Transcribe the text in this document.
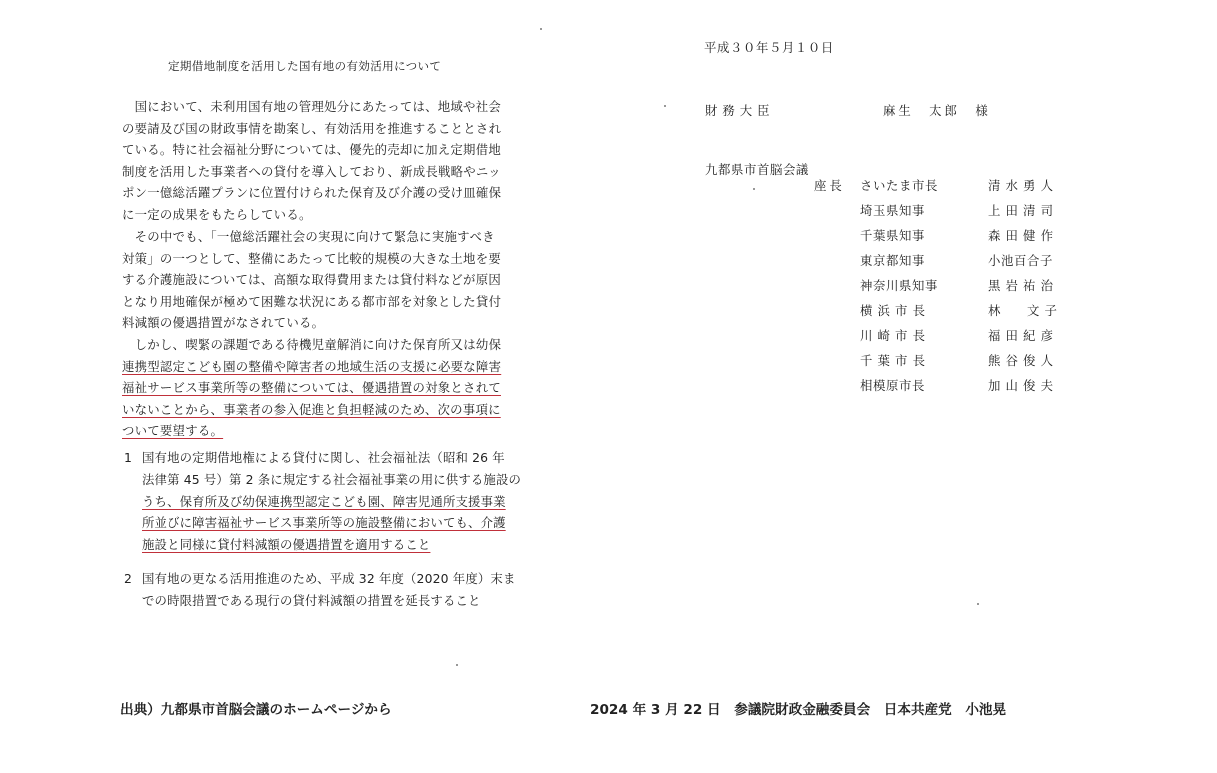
定期借地制度を活用した国有地の有効活用について
　国において、未利用国有地の管理処分にあたっては、地域や社会
の要請及び国の財政事情を勘案し、有効活用を推進することとされ
ている。特に社会福祉分野については、優先的売却に加え定期借地
制度を活用した事業者への貸付を導入しており、新成長戦略やニッ
ポン一億総活躍プランに位置付けられた保育及び介護の受け皿確保
に一定の成果をもたらしている。
　その中でも、「一億総活躍社会の実現に向けて緊急に実施すべき
対策」の一つとして、整備にあたって比較的規模の大きな土地を要
する介護施設については、高額な取得費用または貸付料などが原因
となり用地確保が極めて困難な状況にある都市部を対象とした貸付
料減額の優遇措置がなされている。
　しかし、喫緊の課題である待機児童解消に向けた保育所又は幼保
連携型認定こども園の整備や障害者の地域生活の支援に必要な障害
福祉サービス事業所等の整備については、優遇措置の対象とされて
いないことから、事業者の参入促進と負担軽減のため、次の事項に
ついて要望する。
1 国有地の定期借地権による貸付に関し、社会福祉法（昭和 26 年
法律第 45 号）第 2 条に規定する社会福祉事業の用に供する施設の
うち、保育所及び幼保連携型認定こども園、障害児通所支援事業
所並びに障害福祉サービス事業所等の施設整備においても、介護
施設と同様に貸付料減額の優遇措置を適用すること
2 国有地の更なる活用推進のため、平成 32 年度（2020 年度）末ま
での時限措置である現行の貸付料減額の措置を延長すること
平成３０年５月１０日
財務大臣	麻生　太郎　様
九都県市首脳会議
座長	さいたま市長	清 水 勇 人
埼玉県知事	上 田 清 司
千葉県知事	森 田 健 作
東京都知事	小池百合子
神奈川県知事	黒 岩 祐 治
横 浜 市 長	林　　文 子
川 崎 市 長	福 田 紀 彦
千 葉 市 長	熊 谷 俊 人
相模原市長	加 山 俊 夫
出典）九都県市首脳会議のホームページから	2024 年 3 月 22 日　参議院財政金融委員会　日本共産党　小池晃
